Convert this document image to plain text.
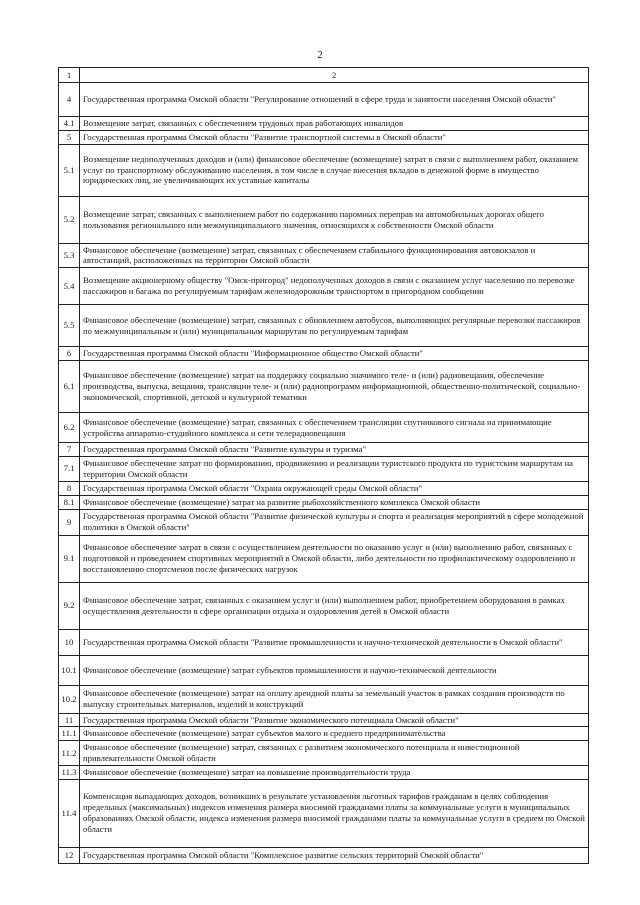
2
1	2
4	Государственная программа Омской области "Регулирование отношений в сфере труда и занятости населения Омской области"
4.1	Возмещение затрат, связанных с обеспечением трудовых прав работающих инвалидов
5	Государственная программа Омской области "Развитие транспортной системы в Омской области"
5.1	Возмещение недополученных доходов и (или) финансовое обеспечение (возмещение) затрат в связи с выполнением работ, оказанием услуг по транспортному обслуживанию населения, в том числе в случае внесения вкладов в денежной форме в имущество юридических лиц, не увеличивающих их уставные капиталы
5.2	Возмещение затрат, связанных с выполнением работ по содержанию паромных переправ на автомобильных дорогах общего пользования регионального или межмуниципального значения, относящихся к собственности Омской области
5.3	Финансовое обеспечение (возмещение) затрат, связанных с обеспечением стабильного функционирования автовокзалов и автостанций, расположенных на территории Омской области
5.4	Возмещение акционерному обществу "Омск-пригород" недополученных доходов в связи с оказанием услуг населению по перевозке пассажиров и багажа по регулируемым тарифам железнодорожным транспортом в пригородном сообщении
5.5	Финансовое обеспечение (возмещение) затрат, связанных с обновлением автобусов, выполняющих регулярные перевозки пассажиров по межмуниципальным и (или) муниципальным маршрутам по регулируемым тарифам
6	Государственная программа Омской области "Информационное общество Омской области"
6.1	Финансовое обеспечение (возмещение) затрат на поддержку социально значимого теле- и (или) радиовещания, обеспечение производства, выпуска, вещания, трансляции теле- и (или) радиопрограмм информационной, общественно-политической, социально-экономической, спортивной, детской и культурной тематики
6.2	Финансовое обеспечение (возмещение) затрат, связанных с обеспечением трансляции спутникового сигнала на принимающие устройства аппаратно-студийного комплекса и сети телерадиовещания
7	Государственная программа Омской области "Развитие культуры и туризма"
7.1	Финансовое обеспечение затрат по формированию, продвижению и реализации туристского продукта по туристским маршрутам на территории Омской области
8	Государственная программа Омской области "Охрана окружающей среды Омской области"
8.1	Финансовое обеспечение (возмещение) затрат на развитие рыбохозяйственного комплекса Омской области
9	Государственная программа Омской области "Развитие физической культуры и спорта и реализация мероприятий в сфере молодежной политики в Омской области"
9.1	Финансовое обеспечение затрат в связи с осуществлением деятельности по оказанию услуг и (или) выполнению работ, связанных с подготовкой и проведением спортивных мероприятий в Омской области, либо деятельности по профилактическому оздоровлению и восстановлению спортсменов после физических нагрузок
9.2	Финансовое обеспечение затрат, связанных с оказанием услуг и (или) выполнением работ, приобретением оборудования в рамках осуществления деятельности в сфере организации отдыха и оздоровления детей в Омской области
10	Государственная программа Омской области "Развитие промышленности и научно-технической деятельности в Омской области"
10.1	Финансовое обеспечение (возмещение) затрат субъектов промышленности и научно-технической деятельности
10.2	Финансовое обеспечение (возмещение) затрат на оплату арендной платы за земельный участок в рамках создания производств по выпуску строительных материалов, изделий и конструкций
11	Государственная программа Омской области "Развитие экономического потенциала Омской области"
11.1	Финансовое обеспечение (возмещение) затрат субъектов малого и среднего предпринимательства
11.2	Финансовое обеспечение (возмещение) затрат, связанных с развитием экономического потенциала и инвестиционной привлекательности Омской области
11.3	Финансовое обеспечение (возмещение) затрат на повышение производительности труда
11.4	Компенсация выпадающих доходов, возникших в результате установления льготных тарифов гражданам в целях соблюдения предельных (максимальных) индексов изменения размера вносимой гражданами платы за коммунальные услуги в муниципальных образованиях Омской области, индекса изменения размера вносимой гражданами платы за коммунальные услуги в среднем по Омской области
12	Государственная программа Омской области "Комплексное развитие сельских территорий Омской области"
